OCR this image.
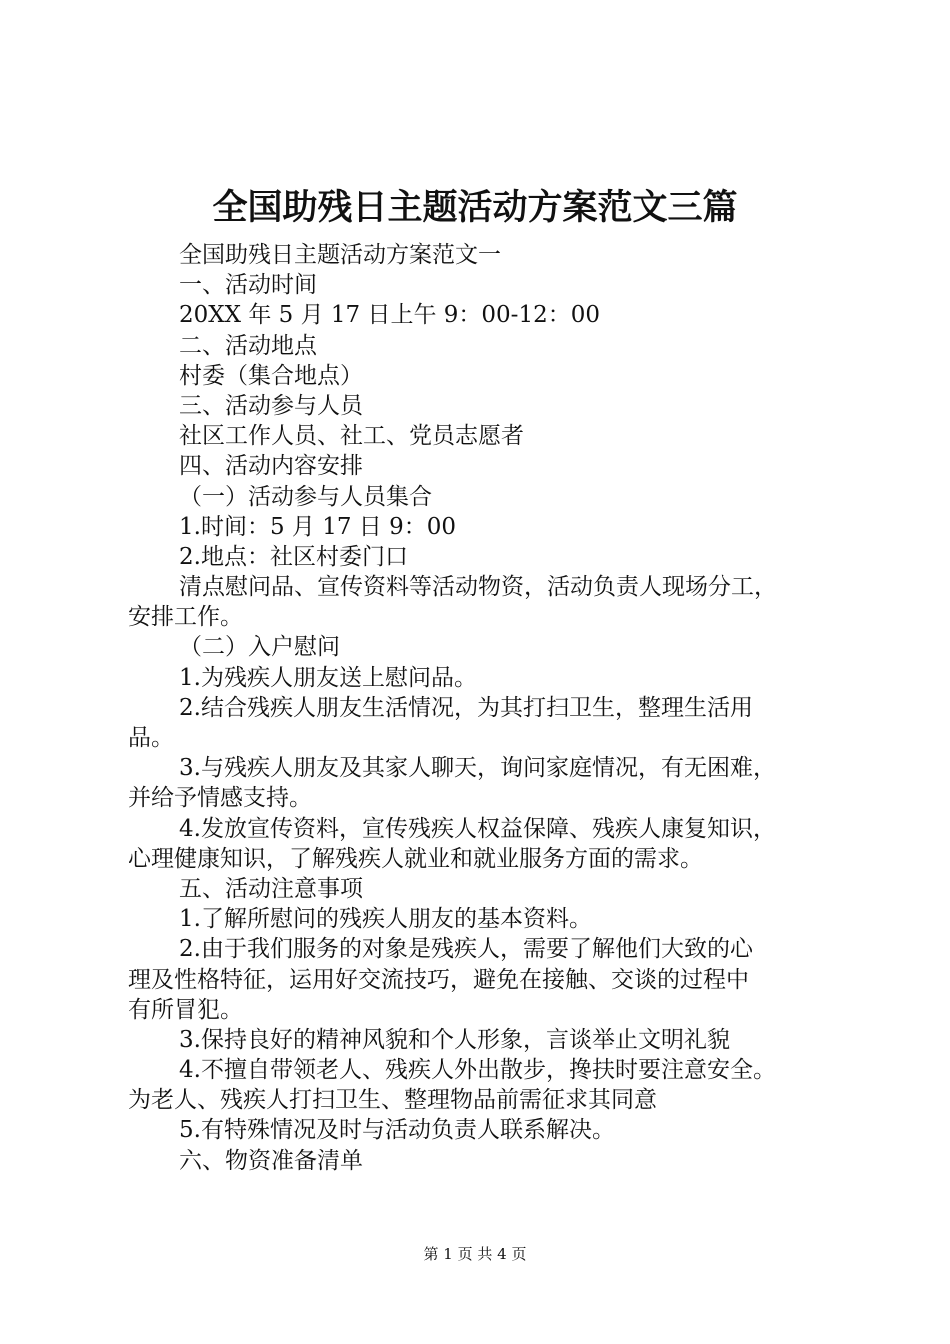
全国助残日主题活动方案范文三篇
全国助残日主题活动方案范文一
一、活动时间
20XX 年 5 月 17 日上午 9：00-12：00
二、活动地点
村委（集合地点）
三、活动参与人员
社区工作人员、社工、党员志愿者
四、活动内容安排
（一）活动参与人员集合
1.时间：5 月 17 日 9：00
2.地点：社区村委门口
清点慰问品、宣传资料等活动物资，活动负责人现场分工，
安排工作。
（二）入户慰问
1.为残疾人朋友送上慰问品。
2.结合残疾人朋友生活情况，为其打扫卫生，整理生活用
品。
3.与残疾人朋友及其家人聊天，询问家庭情况，有无困难，
并给予情感支持。
4.发放宣传资料，宣传残疾人权益保障、残疾人康复知识，
心理健康知识，了解残疾人就业和就业服务方面的需求。
五、活动注意事项
1.了解所慰问的残疾人朋友的基本资料。
2.由于我们服务的对象是残疾人，需要了解他们大致的心
理及性格特征，运用好交流技巧，避免在接触、交谈的过程中
有所冒犯。
3.保持良好的精神风貌和个人形象，言谈举止文明礼貌
4.不擅自带领老人、残疾人外出散步，搀扶时要注意安全。
为老人、残疾人打扫卫生、整理物品前需征求其同意
5.有特殊情况及时与活动负责人联系解决。
六、物资准备清单
第 1 页 共 4 页
